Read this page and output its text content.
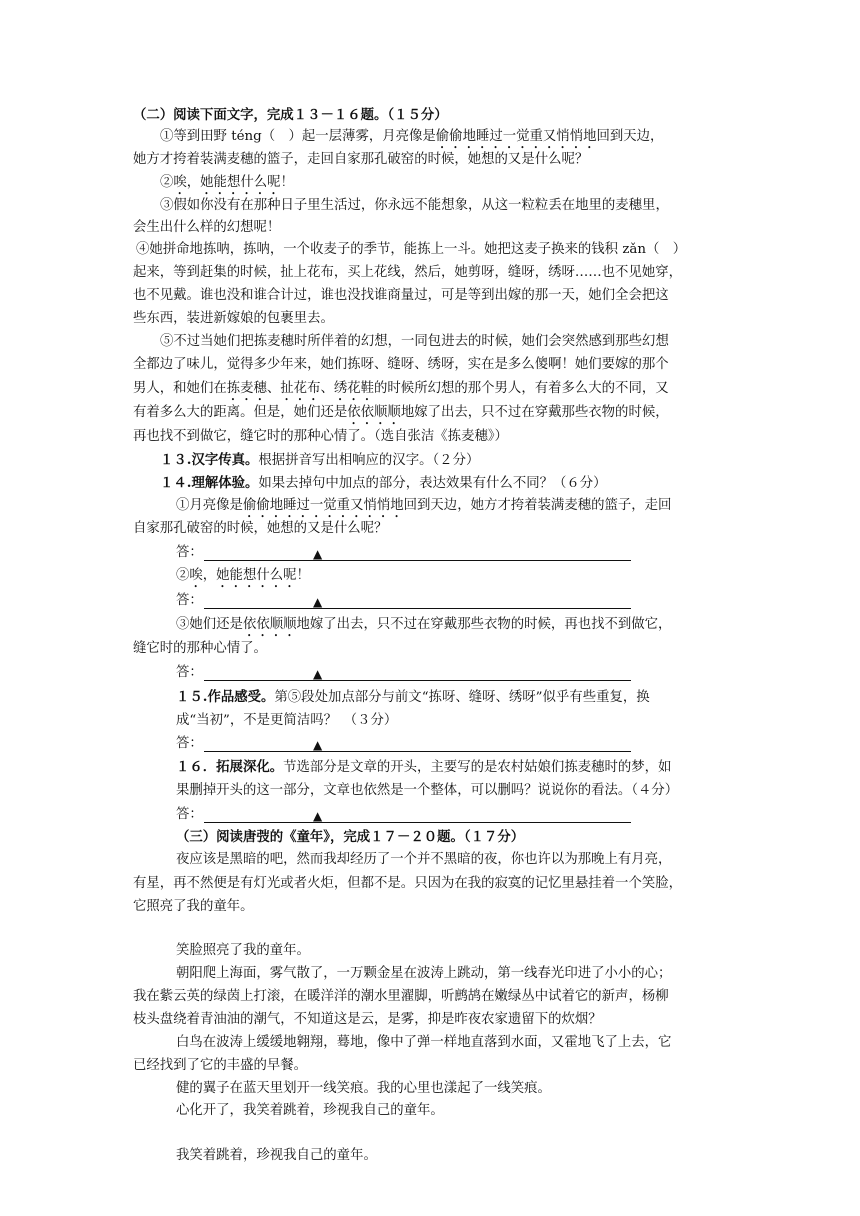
（二）阅读下面文字，完成１３－１６题。（１５分）
①等到田野 téng（　）起一层薄雾，月亮像是偷偷地睡过一觉重又悄悄地回到天边，
她方才挎着装满麦穗的篮子，走回自家那孔破窑的时候，她想的又是什么呢？
②唉，她能想什么呢！
③假如你没有在那种日子里生活过，你永远不能想象，从这一粒粒丢在地里的麦穗里，
会生出什么样的幻想呢！
④她拼命地拣呐，拣呐，一个收麦子的季节，能拣上一斗。她把这麦子换来的钱积 zǎn（　）
起来，等到赶集的时候，扯上花布，买上花线，然后，她剪呀，缝呀，绣呀……也不见她穿，
也不见戴。谁也没和谁合计过，谁也没找谁商量过，可是等到出嫁的那一天，她们全会把这
些东西，装进新嫁娘的包裹里去。
⑤不过当她们把拣麦穗时所伴着的幻想，一同包进去的时候，她们会突然感到那些幻想
全都边了味儿，觉得多少年来，她们拣呀、缝呀、绣呀，实在是多么傻啊！她们要嫁的那个
男人，和她们在拣麦穗、扯花布、绣花鞋的时候所幻想的那个男人，有着多么大的不同，又
有着多么大的距离。但是，她们还是依依顺顺地嫁了出去，只不过在穿戴那些衣物的时候，
再也找不到做它，缝它时的那种心情了。（选自张洁《拣麦穗》）
１３.汉字传真。根据拼音写出相响应的汉字。（２分）
１４.理解体验。如果去掉句中加点的部分，表达效果有什么不同？（６分）
①月亮像是偷偷地睡过一觉重又悄悄地回到天边，她方才挎着装满麦穗的篮子，走回
自家那孔破窑的时候，她想的又是什么呢？
答：	▲
②唉，她能想什么呢！
答：	▲
③她们还是依依顺顺地嫁了出去，只不过在穿戴那些衣物的时候，再也找不到做它，
缝它时的那种心情了。
答：	▲
１５.作品感受。第⑤段处加点部分与前文“拣呀、缝呀、绣呀”似乎有些重复，换
成“当初”，不是更简洁吗？　（３分）
答：	▲
１６．拓展深化。节选部分是文章的开头，主要写的是农村姑娘们拣麦穗时的梦，如
果删掉开头的这一部分，文章也依然是一个整体，可以删吗？说说你的看法。（４分）
答：	▲
（三）阅读唐弢的《童年》，完成１７－２０题。（１７分）
夜应该是黑暗的吧，然而我却经历了一个并不黑暗的夜，你也许以为那晚上有月亮，
有星，再不然便是有灯光或者火炬，但都不是。只因为在我的寂寞的记忆里悬挂着一个笑脸，
它照亮了我的童年。
笑脸照亮了我的童年。
朝阳爬上海面，雾气散了，一万颗金星在波涛上跳动，第一线春光印进了小小的心；
我在紫云英的绿茵上打滚，在暖洋洋的潮水里濯脚，听鹧鸪在嫩绿丛中试着它的新声，杨柳
枝头盘绕着青油油的潮气，不知道这是云，是雾，抑是昨夜农家遗留下的炊烟？
白鸟在波涛上缓缓地翱翔，蓦地，像中了弹一样地直落到水面，又霍地飞了上去，它
已经找到了它的丰盛的早餐。
健的翼子在蓝天里划开一线笑痕。我的心里也漾起了一线笑痕。
心化开了，我笑着跳着，珍视我自己的童年。
我笑着跳着，珍视我自己的童年。
